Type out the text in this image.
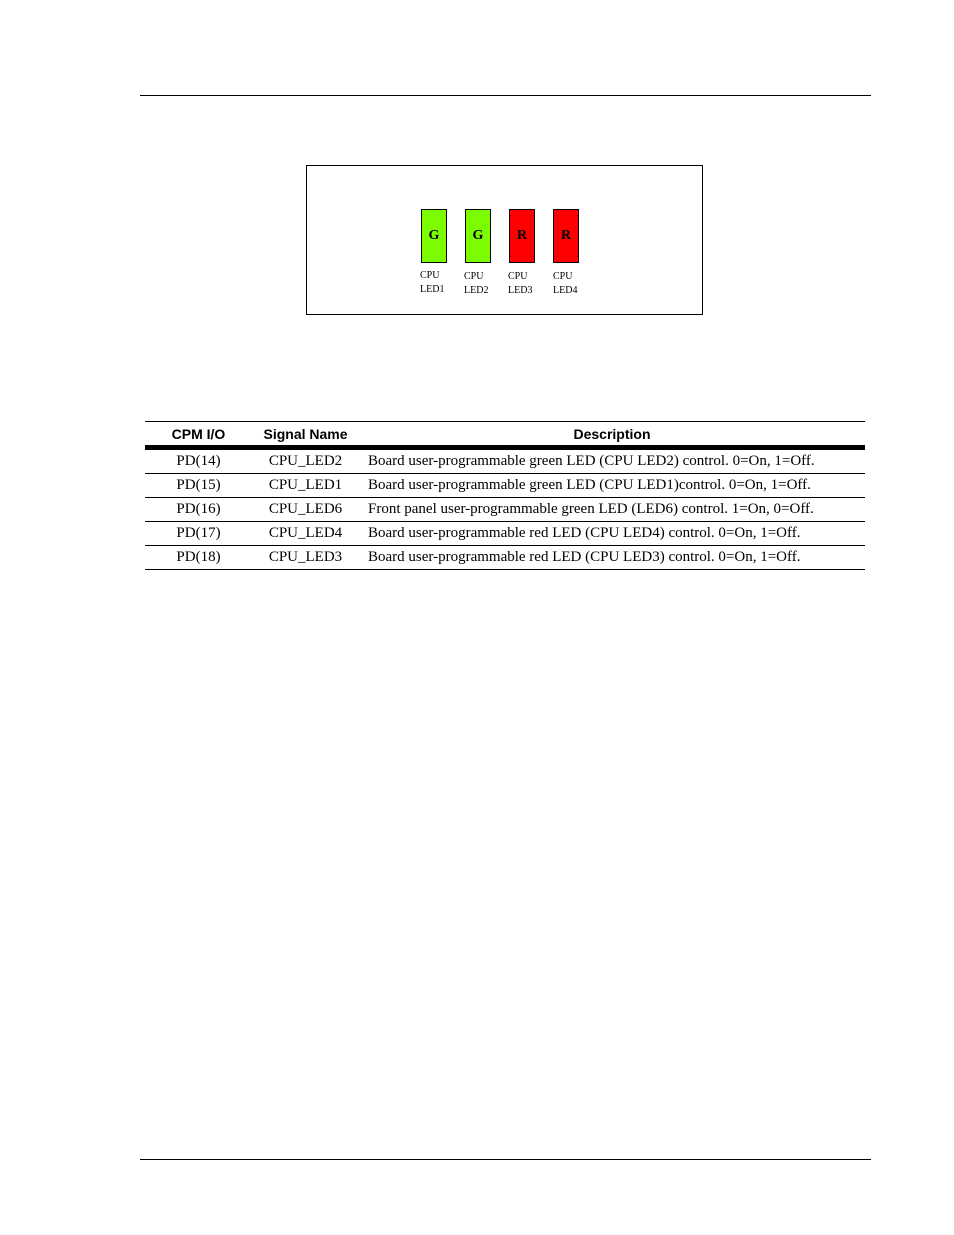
G	G	R	R
CPU
LED1
CPU
LED2
CPU
LED3
CPU
LED4
CPM I/O	Signal Name	Description
PD(14)	CPU_LED2	Board user-programmable green LED (CPU LED2) control. 0=On, 1=Off.
PD(15)	CPU_LED1	Board user-programmable green LED (CPU LED1)control. 0=On, 1=Off.
PD(16)	CPU_LED6	Front panel user-programmable green LED (LED6) control. 1=On, 0=Off.
PD(17)	CPU_LED4	Board user-programmable red LED (CPU LED4) control. 0=On, 1=Off.
PD(18)	CPU_LED3	Board user-programmable red LED (CPU LED3) control. 0=On, 1=Off.
